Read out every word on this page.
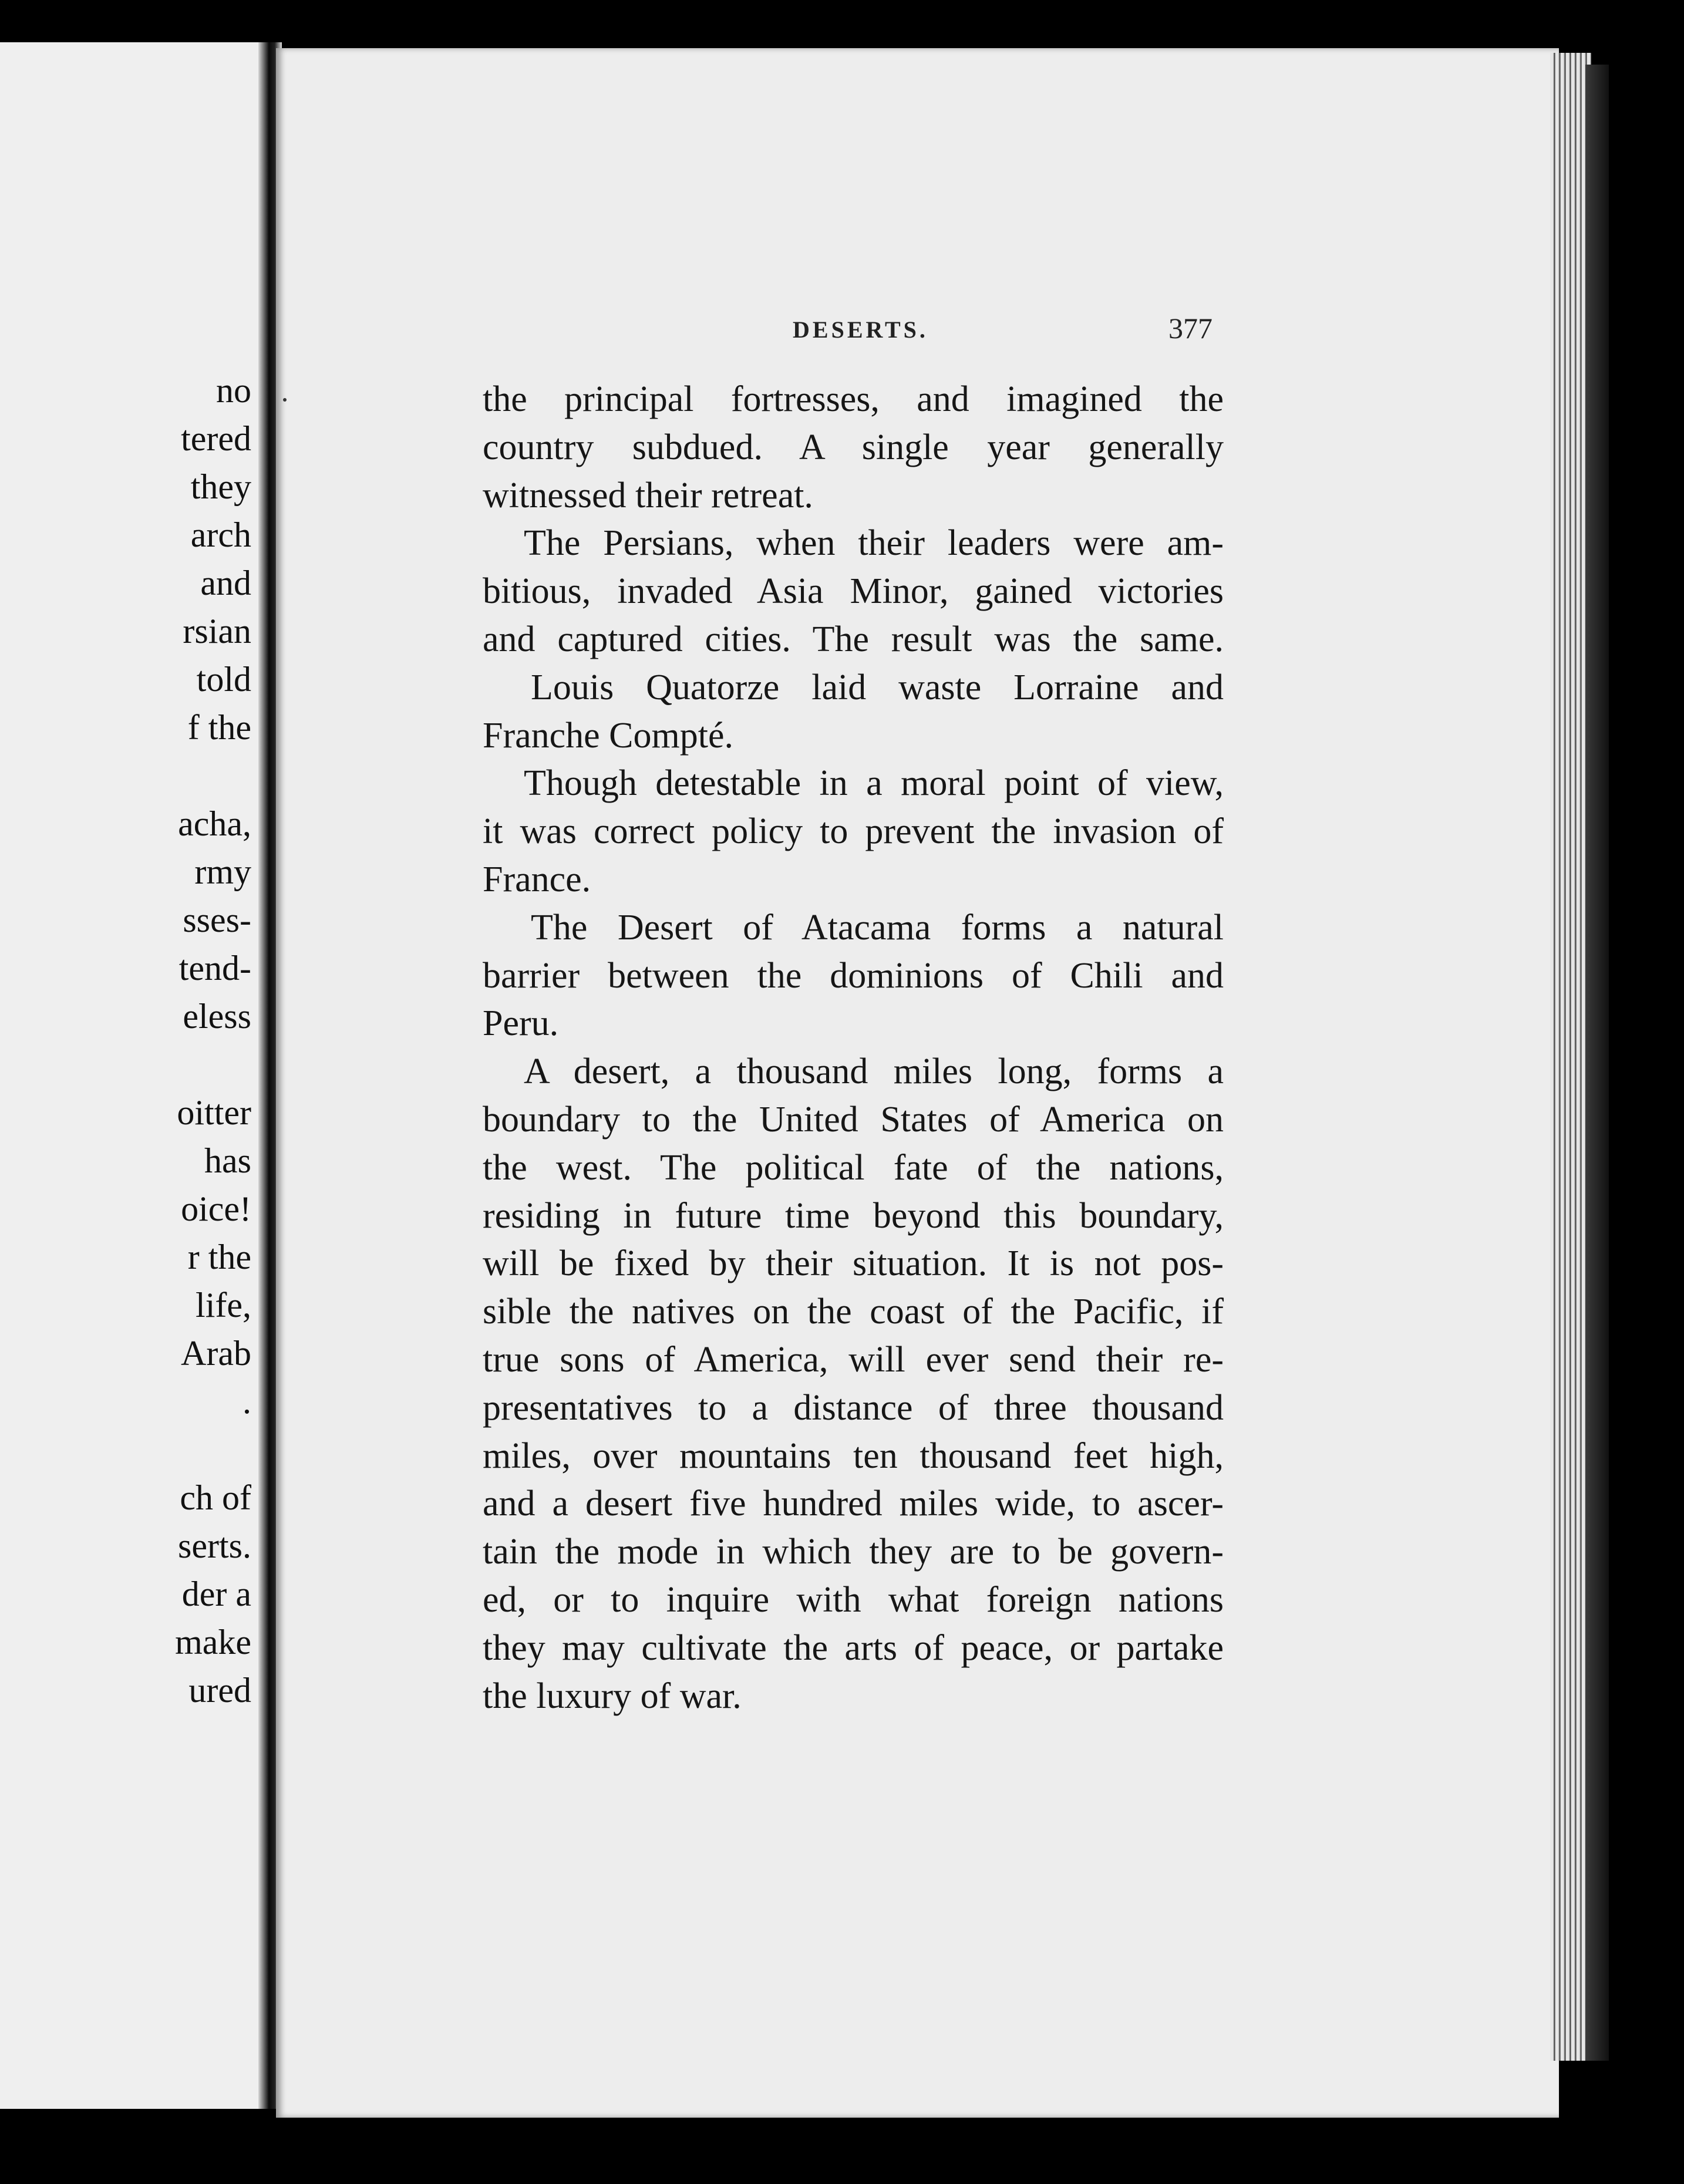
no
tered
they
arch
and
rsian
told
f the
acha,
rmy
sses-
tend-
eless
oitter
has
oice!
r the
life,
Arab
.
ch of
serts.
der a
make
ured
DESERTS.	377
the principal fortresses, and imagined the
country subdued. A single year generally
witnessed their retreat.
The Persians, when their leaders were am-
bitious, invaded Asia Minor, gained victories
and captured cities. The result was the same.
Louis Quatorze laid waste Lorraine and
Franche Compté.
Though detestable in a moral point of view,
it was correct policy to prevent the invasion of
France.
The Desert of Atacama forms a natural
barrier between the dominions of Chili and
Peru.
A desert, a thousand miles long, forms a
boundary to the United States of America on
the west. The political fate of the nations,
residing in future time beyond this boundary,
will be fixed by their situation. It is not pos-
sible the natives on the coast of the Pacific, if
true sons of America, will ever send their re-
presentatives to a distance of three thousand
miles, over mountains ten thousand feet high,
and a desert five hundred miles wide, to ascer-
tain the mode in which they are to be govern-
ed, or to inquire with what foreign nations
they may cultivate the arts of peace, or partake
the luxury of war.
